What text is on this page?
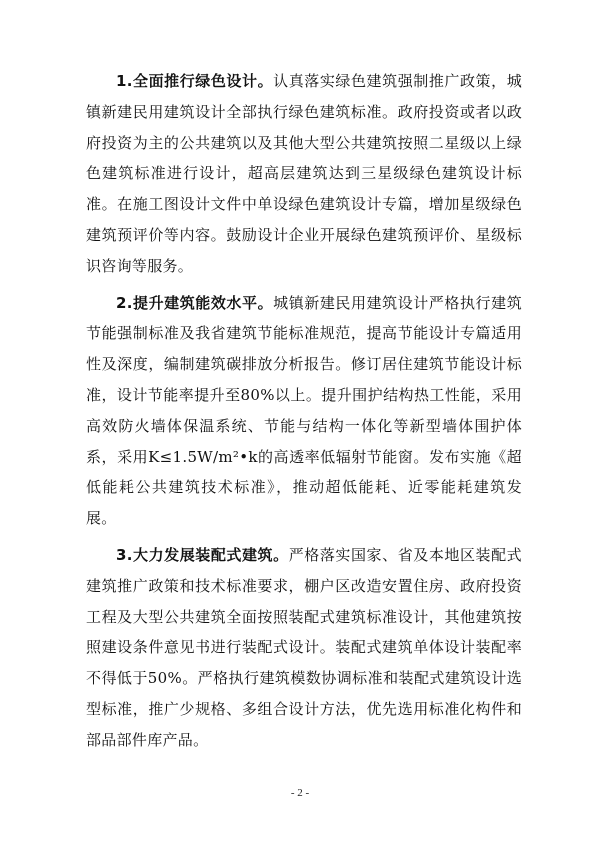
1.全面推行绿色设计。认真落实绿色建筑强制推广政策，城镇新建民用建筑设计全部执行绿色建筑标准。政府投资或者以政府投资为主的公共建筑以及其他大型公共建筑按照二星级以上绿色建筑标准进行设计，超高层建筑达到三星级绿色建筑设计标准。在施工图设计文件中单设绿色建筑设计专篇，增加星级绿色建筑预评价等内容。鼓励设计企业开展绿色建筑预评价、星级标识咨询等服务。

2.提升建筑能效水平。城镇新建民用建筑设计严格执行建筑节能强制标准及我省建筑节能标准规范，提高节能设计专篇适用性及深度，编制建筑碳排放分析报告。修订居住建筑节能设计标准，设计节能率提升至80%以上。提升围护结构热工性能，采用高效防火墙体保温系统、节能与结构一体化等新型墙体围护体系，采用K≤1.5W/m²•k的高透率低辐射节能窗。发布实施《超低能耗公共建筑技术标准》，推动超低能耗、近零能耗建筑发展。

3.大力发展装配式建筑。严格落实国家、省及本地区装配式建筑推广政策和技术标准要求，棚户区改造安置住房、政府投资工程及大型公共建筑全面按照装配式建筑标准设计，其他建筑按照建设条件意见书进行装配式设计。装配式建筑单体设计装配率不得低于50%。严格执行建筑模数协调标准和装配式建筑设计选型标准，推广少规格、多组合设计方法，优先选用标准化构件和部品部件库产品。

- 2 -
